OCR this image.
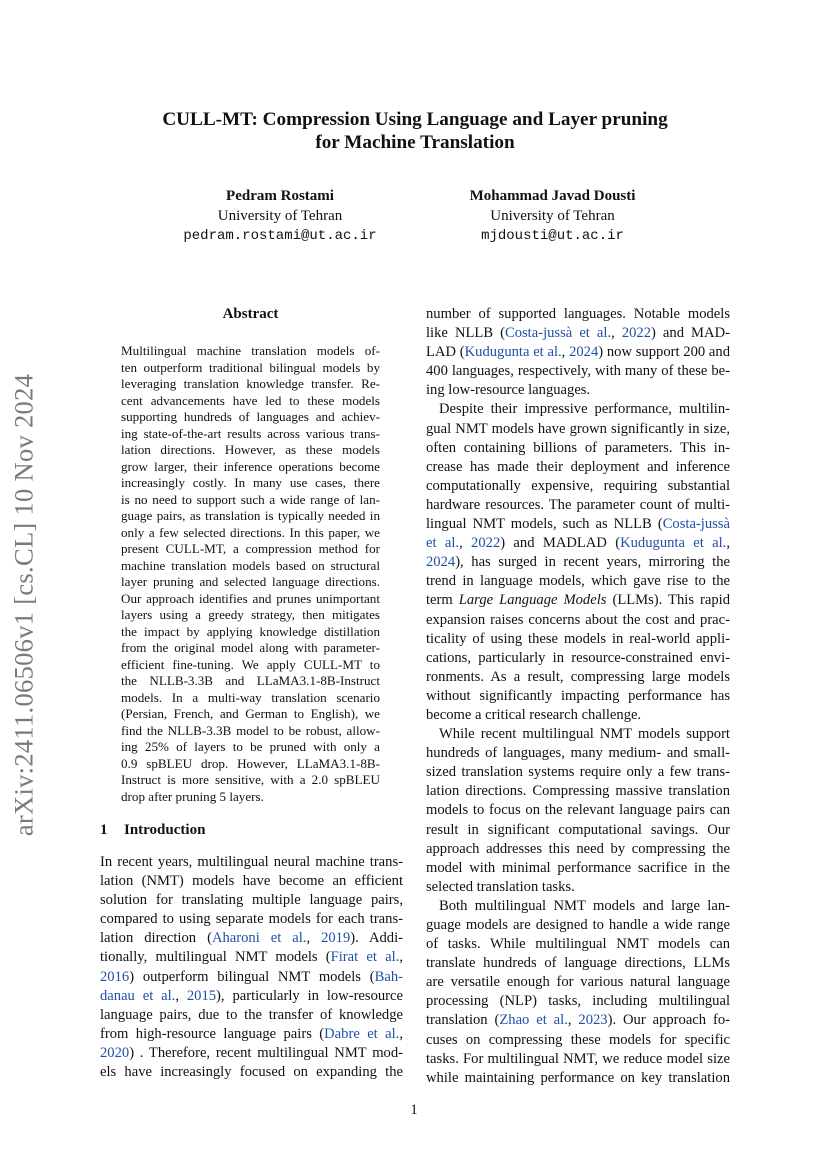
arXiv:2411.06506v1 [cs.CL] 10 Nov 2024
CULL-MT: Compression Using Language and Layer pruning
for Machine Translation
Pedram Rostami
University of Tehran
pedram.rostami@ut.ac.ir
Mohammad Javad Dousti
University of Tehran
mjdousti@ut.ac.ir
Abstract
Multilingual machine translation models of-
ten outperform traditional bilingual models by
leveraging translation knowledge transfer. Re-
cent advancements have led to these models
supporting hundreds of languages and achiev-
ing state-of-the-art results across various trans-
lation directions. However, as these models
grow larger, their inference operations become
increasingly costly. In many use cases, there
is no need to support such a wide range of lan-
guage pairs, as translation is typically needed in
only a few selected directions. In this paper, we
present CULL-MT, a compression method for
machine translation models based on structural
layer pruning and selected language directions.
Our approach identifies and prunes unimportant
layers using a greedy strategy, then mitigates
the impact by applying knowledge distillation
from the original model along with parameter-
efficient fine-tuning. We apply CULL-MT to
the NLLB-3.3B and LLaMA3.1-8B-Instruct
models. In a multi-way translation scenario
(Persian, French, and German to English), we
find the NLLB-3.3B model to be robust, allow-
ing 25% of layers to be pruned with only a
0.9 spBLEU drop. However, LLaMA3.1-8B-
Instruct is more sensitive, with a 2.0 spBLEU
drop after pruning 5 layers.
1 Introduction
In recent years, multilingual neural machine trans-
lation (NMT) models have become an efficient
solution for translating multiple language pairs,
compared to using separate models for each trans-
lation direction (Aharoni et al., 2019). Addi-
tionally, multilingual NMT models (Firat et al.,
2016) outperform bilingual NMT models (Bah-
danau et al., 2015), particularly in low-resource
language pairs, due to the transfer of knowledge
from high-resource language pairs (Dabre et al.,
2020) . Therefore, recent multilingual NMT mod-
els have increasingly focused on expanding the
number of supported languages. Notable models
like NLLB (Costa-jussà et al., 2022) and MAD-
LAD (Kudugunta et al., 2024) now support 200 and
400 languages, respectively, with many of these be-
ing low-resource languages.
Despite their impressive performance, multilin-
gual NMT models have grown significantly in size,
often containing billions of parameters. This in-
crease has made their deployment and inference
computationally expensive, requiring substantial
hardware resources. The parameter count of multi-
lingual NMT models, such as NLLB (Costa-jussà
et al., 2022) and MADLAD (Kudugunta et al.,
2024), has surged in recent years, mirroring the
trend in language models, which gave rise to the
term Large Language Models (LLMs). This rapid
expansion raises concerns about the cost and prac-
ticality of using these models in real-world appli-
cations, particularly in resource-constrained envi-
ronments. As a result, compressing large models
without significantly impacting performance has
become a critical research challenge.
While recent multilingual NMT models support
hundreds of languages, many medium- and small-
sized translation systems require only a few trans-
lation directions. Compressing massive translation
models to focus on the relevant language pairs can
result in significant computational savings. Our
approach addresses this need by compressing the
model with minimal performance sacrifice in the
selected translation tasks.
Both multilingual NMT models and large lan-
guage models are designed to handle a wide range
of tasks. While multilingual NMT models can
translate hundreds of language directions, LLMs
are versatile enough for various natural language
processing (NLP) tasks, including multilingual
translation (Zhao et al., 2023). Our approach fo-
cuses on compressing these models for specific
tasks. For multilingual NMT, we reduce model size
while maintaining performance on key translation
1
